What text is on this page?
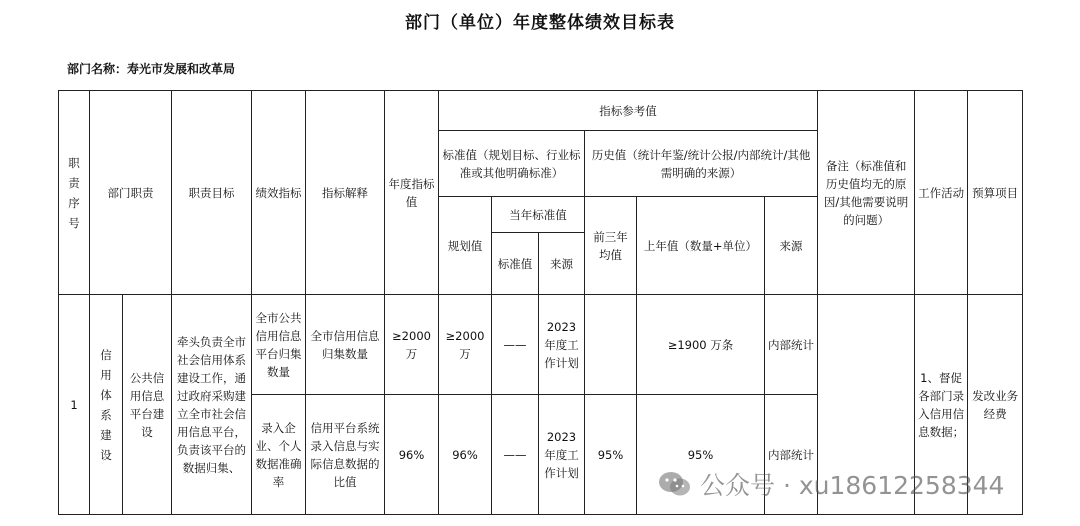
部门（单位）年度整体绩效目标表
部门名称：寿光市发展和改革局
职责序号	部门职责		职责目标	绩效指标	指标解释	年度指标值	指标参考值						备注（标准值和历史值均无的原因/其他需要说明的问题）	工作活动	预算项目	
							标准值（规划目标、行业标准或其他明确标准）			历史值（统计年鉴/统计公报/内部统计/其他需明确的来源）						
							规划值	当年标准值		前三年均值	上年值（数量+单位）	来源				
								标准值	来源							
1	信用体系建设	公共信用信息平台建设	牵头负责全市社会信用体系建设工作，通过政府采购建立全市社会信用信息平台，负责该平台的数据归集、	全市公共信用信息平台归集数量	全市信用信息归集数量	≥2000万	≥2000万	——	2023年度工作计划		≥1900 万条	内部统计		1、督促各部门录入信用信息数据；	发改业务经费	
				录入企业、个人数据准确率	信用平台系统录入信息与实际信息数据的比值	96%	96%	——	2023年度工作计划	95%	95%	内部统计				
公众号 · xu18612258344
